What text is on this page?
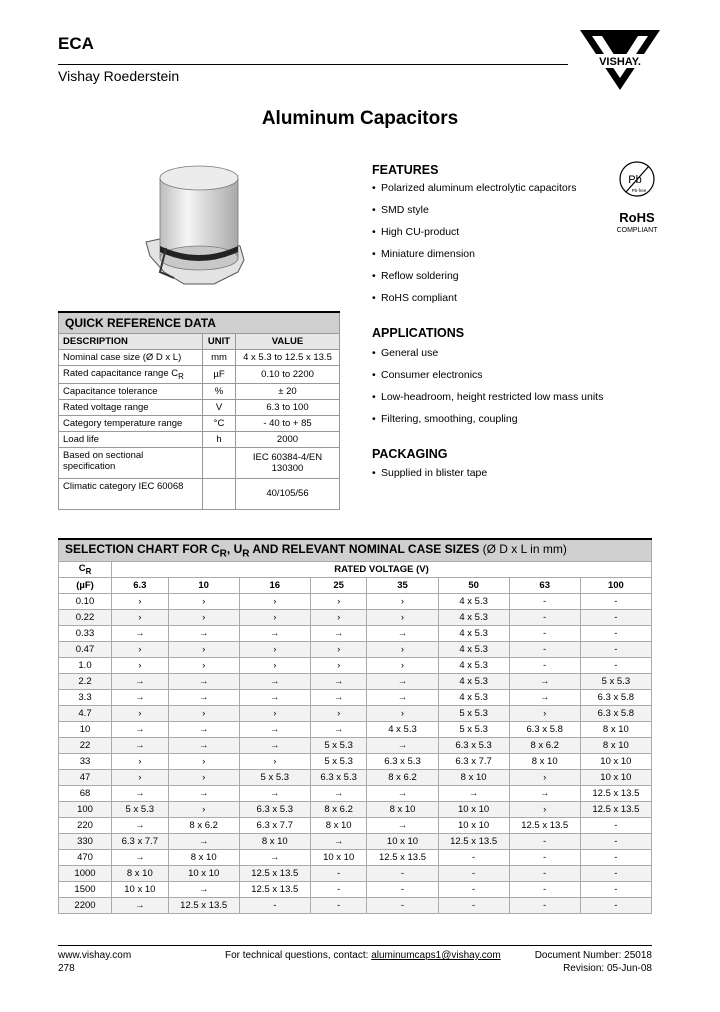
ECA
Vishay Roederstein
VISHAY.
Aluminum Capacitors
FEATURES
• Polarized aluminum electrolytic capacitors
• SMD style
• High CU-product
• Miniature dimension
• Reflow soldering
• RoHS compliant
Pb
Pb-free
RoHS
COMPLIANT
APPLICATIONS
• General use
• Consumer electronics
• Low-headroom, height restricted low mass units
• Filtering, smoothing, coupling
PACKAGING
• Supplied in blister tape
QUICK REFERENCE DATA		
DESCRIPTION	UNIT	VALUE
Nominal case size (Ø D x L)	mm	4 x 5.3 to 12.5 x 13.5
Rated capacitance range $C_R$	µF	0.10 to 2200
Capacitance tolerance	%	± 20
Rated voltage range	V	6.3 to 100
Category temperature range	°C	- 40 to + 85
Load life	h	2000
Based on sectional specification		IEC 60384-4/EN 130300
Climatic category IEC 60068		40/105/56
SELECTION CHART FOR $C_R$, $U_R$ AND RELEVANT NOMINAL CASE SIZES (Ø D x L in mm)								
$C_R$	RATED VOLTAGE (V)							
(µF)	6.3	10	16	25	35	50	63	100
0.10	›	›	›	›	›	4 x 5.3	-	-
0.22	›	›	›	›	›	4 x 5.3	-	-
0.33	→	→	→	→	→	4 x 5.3	-	-
0.47	›	›	›	›	›	4 x 5.3	-	-
1.0	›	›	›	›	›	4 x 5.3	-	-
2.2	→	→	→	→	→	4 x 5.3	→	5 x 5.3
3.3	→	→	→	→	→	4 x 5.3	→	6.3 x 5.8
4.7	›	›	›	›	›	5 x 5.3	›	6.3 x 5.8
10	→	→	→	→	4 x 5.3	5 x 5.3	6.3 x 5.8	8 x 10
22	→	→	→	5 x 5.3	→	6.3 x 5.3	8 x 6.2	8 x 10
33	›	›	›	5 x 5.3	6.3 x 5.3	6.3 x 7.7	8 x 10	10 x 10
47	›	›	5 x 5.3	6.3 x 5.3	8 x 6.2	8 x 10	›	10 x 10
68	→	→	→	→	→	→	→	12.5 x 13.5
100	5 x 5.3	›	6.3 x 5.3	8 x 6.2	8 x 10	10 x 10	›	12.5 x 13.5
220	→	8 x 6.2	6.3 x 7.7	8 x 10	→	10 x 10	12.5 x 13.5	-
330	6.3 x 7.7	→	8 x 10	→	10 x 10	12.5 x 13.5	-	-
470	→	8 x 10	→	10 x 10	12.5 x 13.5	-	-	-
1000	8 x 10	10 x 10	12.5 x 13.5	-	-	-	-	-
1500	10 x 10	→	12.5 x 13.5	-	-	-	-	-
2200	→	12.5 x 13.5	-	-	-	-	-	-
www.vishay.com
278
For technical questions, contact: aluminumcaps1@vishay.com	Document Number: 25018
Revision: 05-Jun-08
